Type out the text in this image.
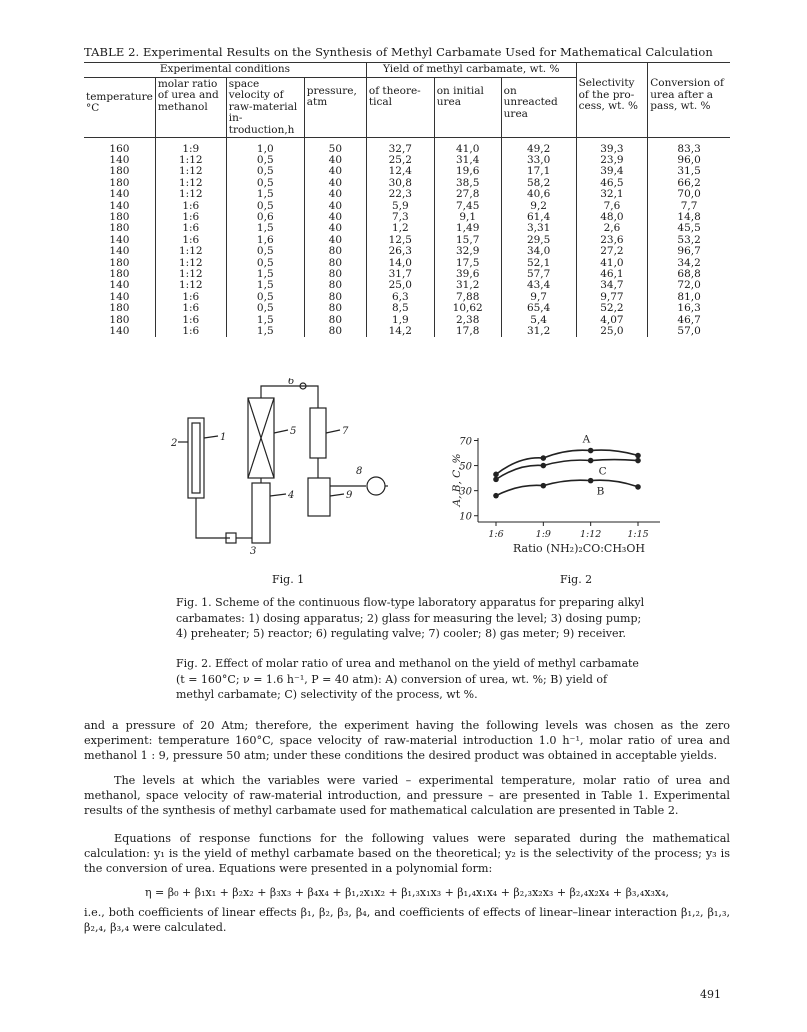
TABLE 2. Experimental Results on the Synthesis of Methyl Carbamate Used for Mathematical Calculation
Experimental conditions				Yield of methyl carbamate, wt. %				
temperature °C	molar ratio of urea and methanol	space velocity of raw-material in-troduction,h	pressure, atm	of theore-tical	on initial urea	on unreacted urea	Selectivity of the pro-cess, wt. %	Conversion of urea after a pass, wt. %

160	1:9	1,0	50	32,7	41,0	49,2	39,3	83,3
140	1:12	0,5	40	25,2	31,4	33,0	23,9	96,0
180	1:12	0,5	40	12,4	19,6	17,1	39,4	31,5
180	1:12	0,5	40	30,8	38,5	58,2	46,5	66,2
140	1:12	1,5	40	22,3	27,8	40,6	32,1	70,0
140	1:6	0,5	40	5,9	7,45	9,2	7,6	7,7
180	1:6	0,6	40	7,3	9,1	61,4	48,0	14,8
180	1:6	1,5	40	1,2	1,49	3,31	2,6	45,5
140	1:6	1,6	40	12,5	15,7	29,5	23,6	53,2
140	1:12	0,5	80	26,3	32,9	34,0	27,2	96,7
180	1:12	0,5	80	14,0	17,5	52,1	41,0	34,2
180	1:12	1,5	80	31,7	39,6	57,7	46,1	68,8
140	1:12	1,5	80	25,0	31,2	43,4	34,7	72,0
140	1:6	0,5	80	6,3	7,88	9,7	9,77	81,0
180	1:6	0,5	80	8,5	10,62	65,4	52,2	16,3
180	1:6	1,5	80	1,9	2,38	5,4	4,07	46,7
140	1:6	1,5	80	14,2	17,8	31,2	25,0	57,0
2
1
3
4
5
6
7
8
9
10
30
50
70
1:6	1:9	1:12	1:15
A, B, C, %
Ratio (NH₂)₂CO:CH₃OH
A
B
C
Fig. 1	Fig. 2
Fig. 1. Scheme of the continuous flow-type laboratory apparatus for preparing alkyl carbamates: 1) dosing apparatus; 2) glass for measuring the level; 3) dosing pump; 4) preheater; 5) reactor; 6) regulating valve; 7) cooler; 8) gas meter; 9) receiver.
Fig. 2. Effect of molar ratio of urea and methanol on the yield of methyl carbamate (t = 160°C; ν = 1.6 h⁻¹, P = 40 atm): A) conversion of urea, wt. %; B) yield of methyl carbamate; C) selectivity of the process, wt %.
and a pressure of 20 Atm; therefore, the experiment having the following levels was chosen as the zero experiment: temperature 160°C, space velocity of raw-material introduction 1.0 h⁻¹, molar ratio of urea and methanol 1 : 9, pressure 50 atm; under these conditions the desired product was obtained in acceptable yields.
The levels at which the variables were varied – experimental temperature, molar ratio of urea and methanol, space velocity of raw-material introduction, and pressure – are presented in Table 1. Experimental results of the synthesis of methyl carbamate used for mathematical calculation are presented in Table 2.
Equations of response functions for the following values were separated during the mathematical calculation: y₁ is the yield of methyl carbamate based on the theoretical; y₂ is the selectivity of the process; y₃ is the conversion of urea. Equations were presented in a polynomial form:
η = β₀ + β₁x₁ + β₂x₂ + β₃x₃ + β₄x₄ + β₁,₂x₁x₂ + β₁,₃x₁x₃ + β₁,₄x₁x₄ + β₂,₃x₂x₃ + β₂,₄x₂x₄ + β₃,₄x₃x₄,
i.e., both coefficients of linear effects β₁, β₂, β₃, β₄, and coefficients of effects of linear–linear interaction β₁,₂, β₁,₃, β₂,₄, β₃,₄ were calculated.
491
